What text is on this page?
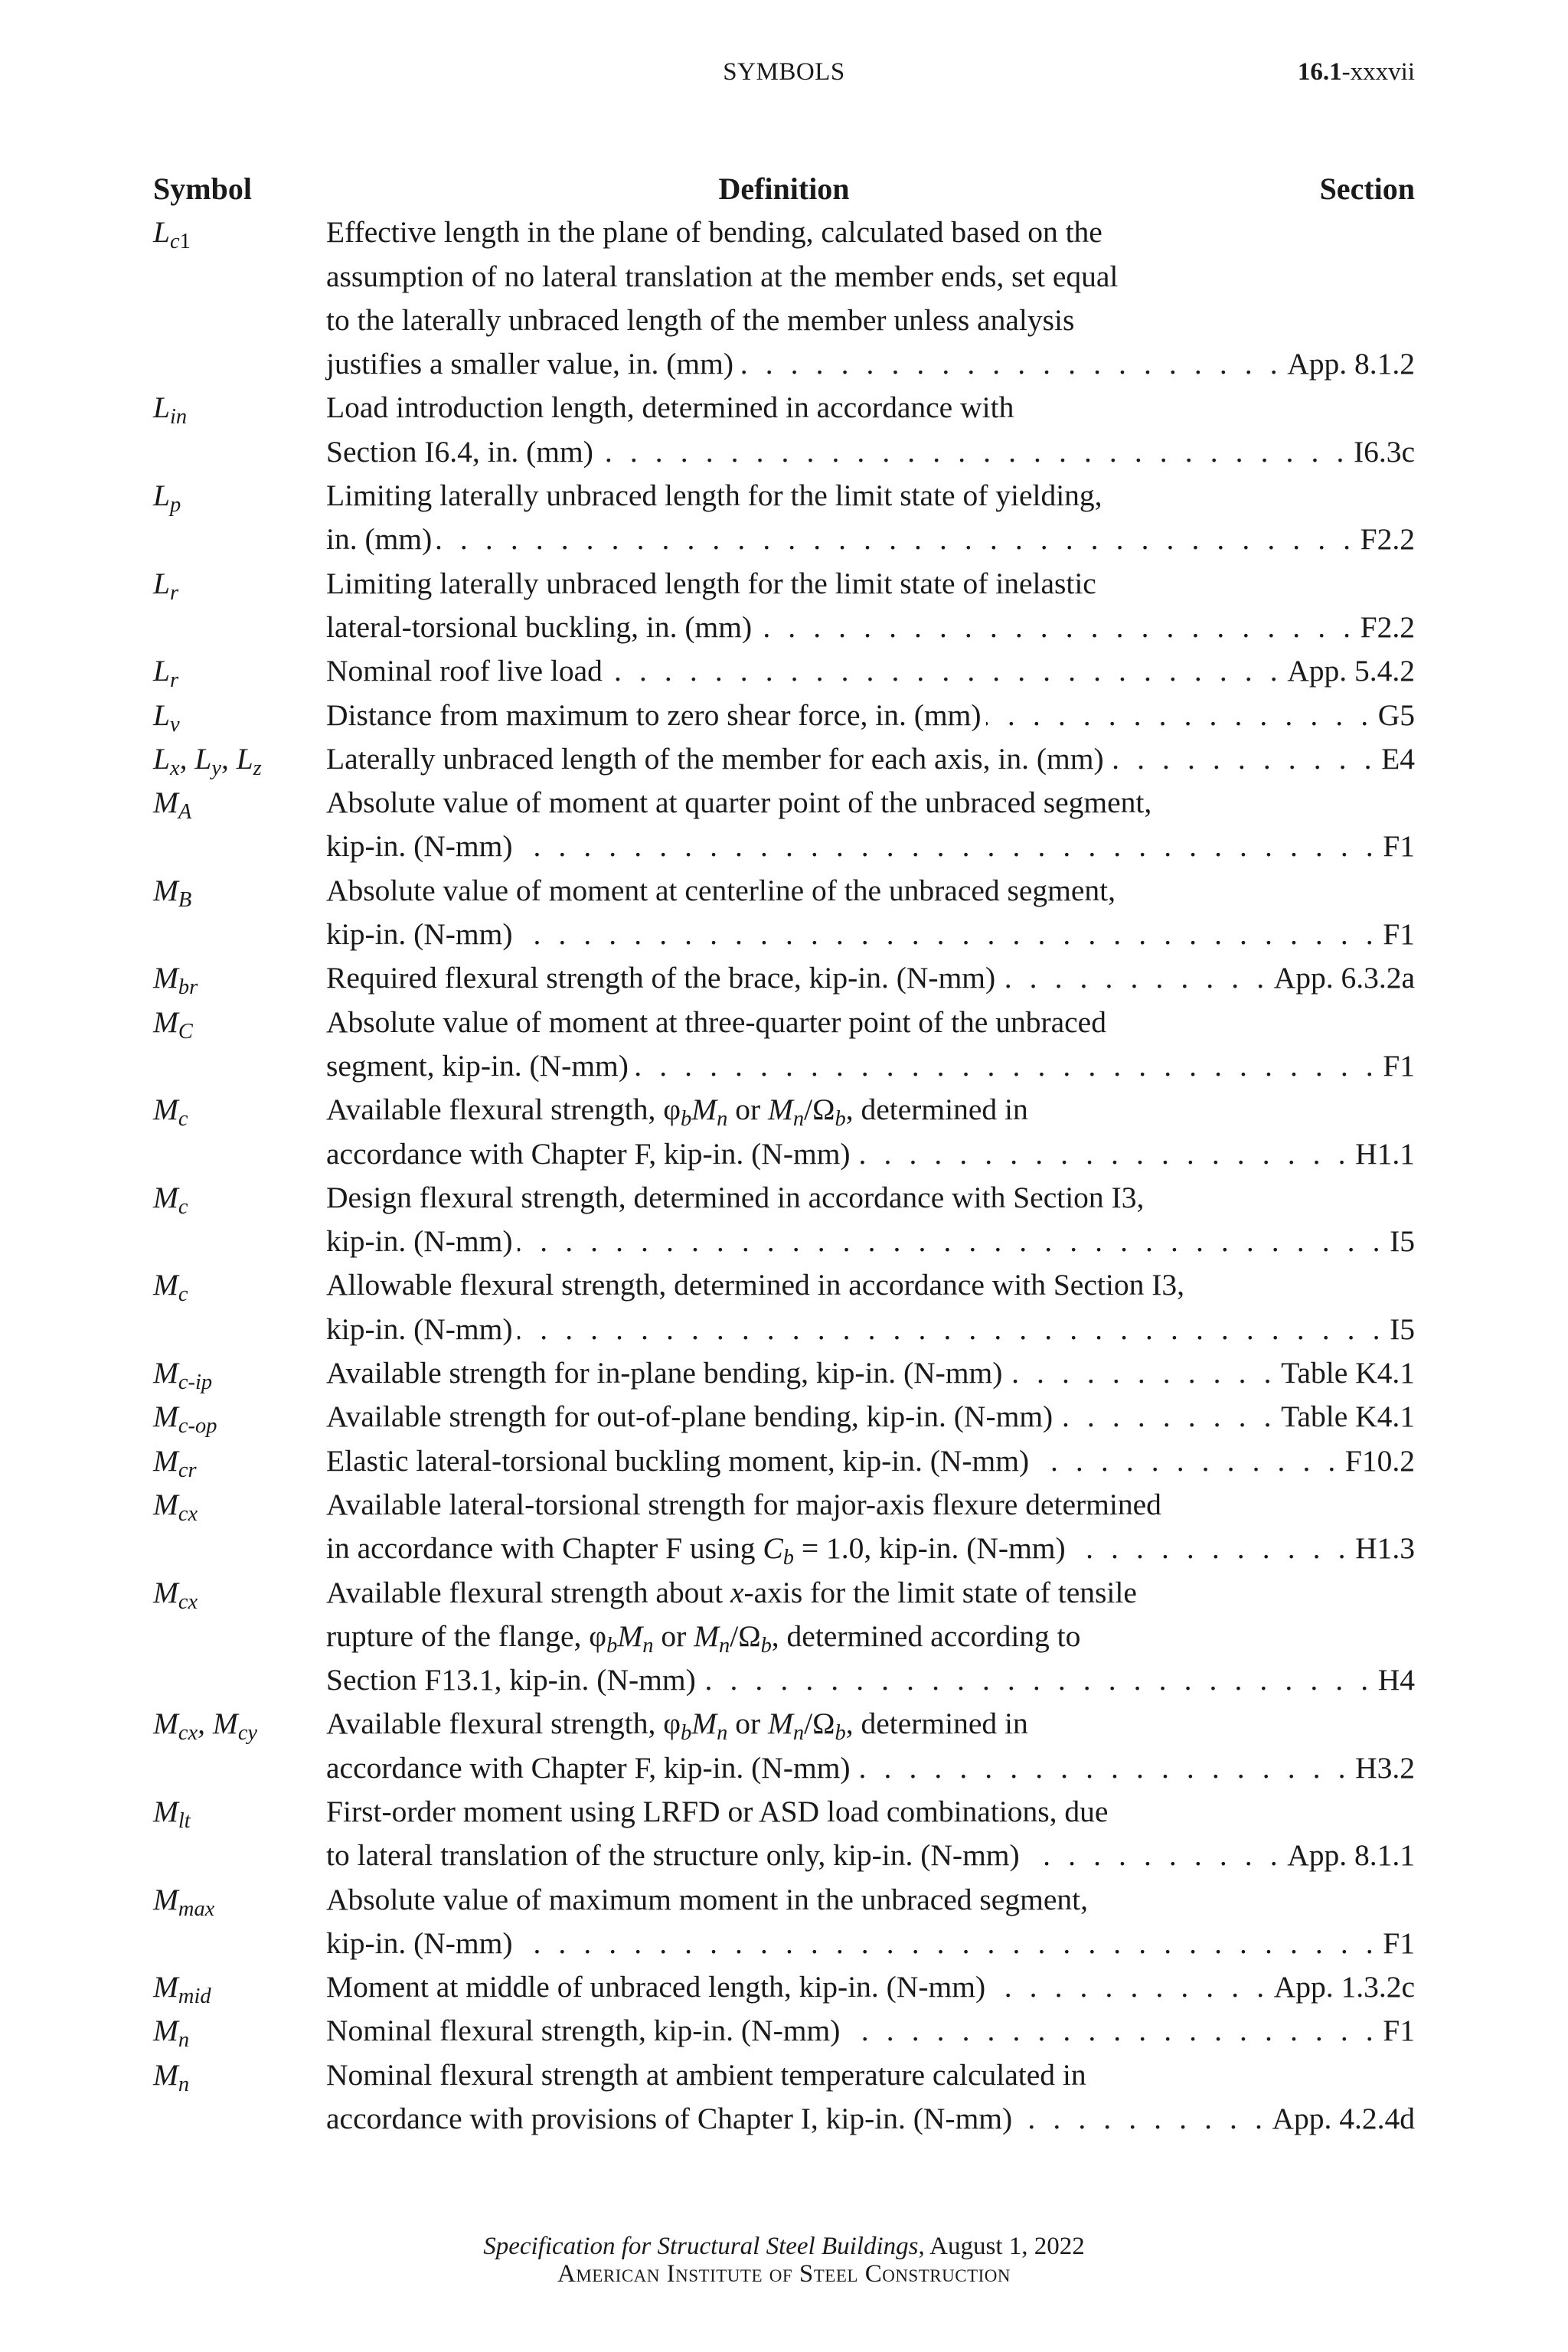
SYMBOLS	16.1-xxxvii
Symbol	Definition	Section
$L_{c1}$	Effective length in the plane of bending, calculated based on the
assumption of no lateral translation at the member ends, set equal
to the laterally unbraced length of the member unless analysis
justifies a smaller value, in. (mm) . . .	App. 8.1.2
$L_{in}$	Load introduction length, determined in accordance with
Section I6.4, in. (mm) . . .	I6.3c
$L_p$	Limiting laterally unbraced length for the limit state of yielding,
in. (mm) . . .	F2.2
$L_r$	Limiting laterally unbraced length for the limit state of inelastic
lateral-torsional buckling, in. (mm) . . .	F2.2
$L_r$	Nominal roof live load . . .	App. 5.4.2
$L_v$	Distance from maximum to zero shear force, in. (mm) . . .	G5
$L_x$, $L_y$, $L_z$	Laterally unbraced length of the member for each axis, in. (mm) . . .	E4
$M_A$	Absolute value of moment at quarter point of the unbraced segment,
kip-in. (N-mm) . . .	F1
$M_B$	Absolute value of moment at centerline of the unbraced segment,
kip-in. (N-mm) . . .	F1
$M_{br}$	Required flexural strength of the brace, kip-in. (N-mm) . . .	App. 6.3.2a
$M_C$	Absolute value of moment at three-quarter point of the unbraced
segment, kip-in. (N-mm) . . .	F1
$M_c$	Available flexural strength, $\varphi_bM_n$ or $M_n/\Omega_b$, determined in
accordance with Chapter F, kip-in. (N-mm) . . .	H1.1
$M_c$	Design flexural strength, determined in accordance with Section I3,
kip-in. (N-mm) . . .	I5
$M_c$	Allowable flexural strength, determined in accordance with Section I3,
kip-in. (N-mm) . . .	I5
$M_{c-ip}$	Available strength for in-plane bending, kip-in. (N-mm) . . .	Table K4.1
$M_{c-op}$	Available strength for out-of-plane bending, kip-in. (N-mm) . . .	Table K4.1
$M_{cr}$	Elastic lateral-torsional buckling moment, kip-in. (N-mm) . . .	F10.2
$M_{cx}$	Available lateral-torsional strength for major-axis flexure determined
in accordance with Chapter F using $C_b = 1.0$, kip-in. (N-mm) . . .	H1.3
$M_{cx}$	Available flexural strength about x-axis for the limit state of tensile
rupture of the flange, $\varphi_bM_n$ or $M_n/\Omega_b$, determined according to
Section F13.1, kip-in. (N-mm) . . .	H4
$M_{cx}$, $M_{cy}$	Available flexural strength, $\varphi_bM_n$ or $M_n/\Omega_b$, determined in
accordance with Chapter F, kip-in. (N-mm) . . .	H3.2
$M_{lt}$	First-order moment using LRFD or ASD load combinations, due
to lateral translation of the structure only, kip-in. (N-mm) . . .	App. 8.1.1
$M_{max}$	Absolute value of maximum moment in the unbraced segment,
kip-in. (N-mm) . . .	F1
$M_{mid}$	Moment at middle of unbraced length, kip-in. (N-mm) . . .	App. 1.3.2c
$M_n$	Nominal flexural strength, kip-in. (N-mm) . . .	F1
$M_n$	Nominal flexural strength at ambient temperature calculated in
accordance with provisions of Chapter I, kip-in. (N-mm) . . .	App. 4.2.4d
Specification for Structural Steel Buildings, August 1, 2022
American Institute of Steel Construction
